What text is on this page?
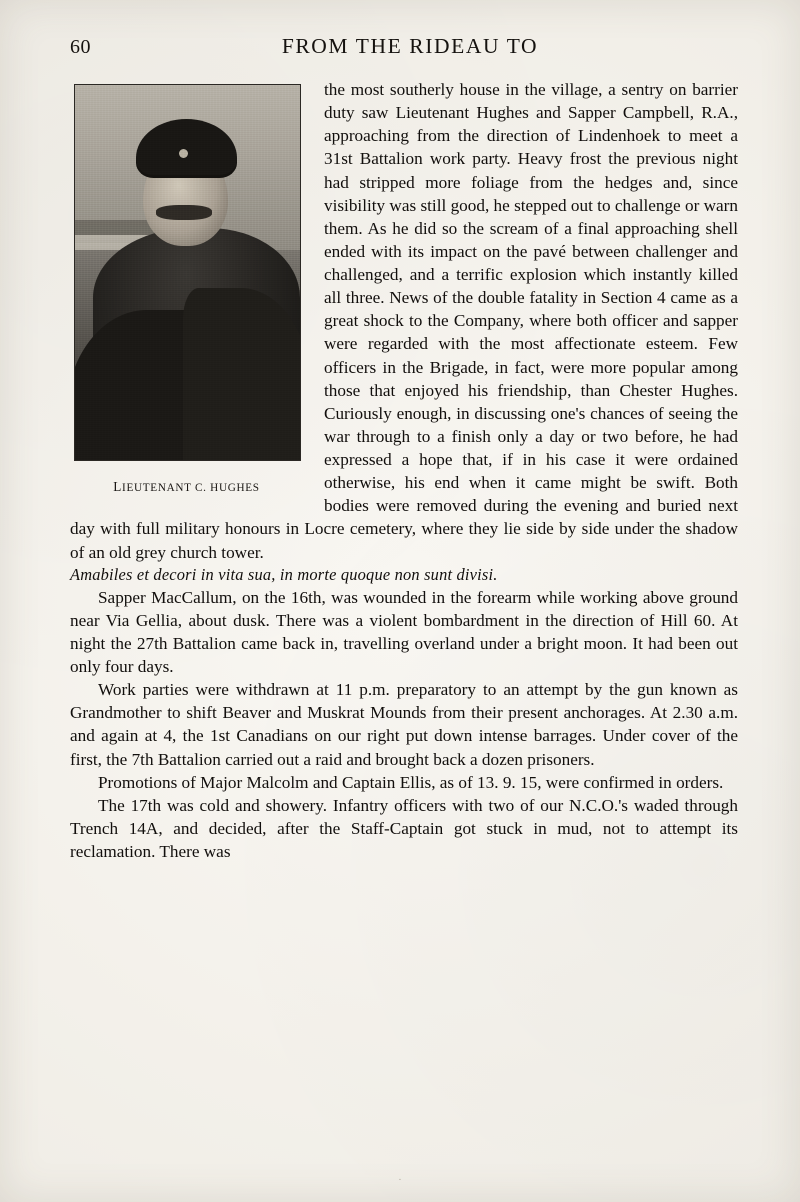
60	FROM THE RIDEAU TO
LIEUTENANT C. HUGHES

the most southerly house in the village, a sentry on barrier duty saw Lieutenant Hughes and Sapper Campbell, R.A., approaching from the direction of Lindenhoek to meet a 31st Battalion work party. Heavy frost the previous night had stripped more foliage from the hedges and, since visibility was still good, he stepped out to challenge or warn them. As he did so the scream of a final approaching shell ended with its impact on the pavé between challenger and challenged, and a terrific explosion which instantly killed all three. News of the double fatality in Section 4 came as a great shock to the Company, where both officer and sapper were regarded with the most affectionate esteem. Few officers in the Brigade, in fact, were more popular among those that enjoyed his friendship, than Chester Hughes. Curiously enough, in discussing one's chances of seeing the war through to a finish only a day or two before, he had expressed a hope that, if in his case it were ordained otherwise, his end when it came might be swift. Both bodies were removed during the evening and buried next day with full military honours in Locre cemetery, where they lie side by side under the shadow of an old grey church tower.

Amabiles et decori in vita sua, in morte quoque non sunt divisi.

Sapper MacCallum, on the 16th, was wounded in the forearm while working above ground near Via Gellia, about dusk. There was a violent bombardment in the direction of Hill 60. At night the 27th Battalion came back in, travelling overland under a bright moon. It had been out only four days.

Work parties were withdrawn at 11 p.m. preparatory to an attempt by the gun known as Grandmother to shift Beaver and Muskrat Mounds from their present anchorages. At 2.30 a.m. and again at 4, the 1st Canadians on our right put down intense barrages. Under cover of the first, the 7th Battalion carried out a raid and brought back a dozen prisoners.

Promotions of Major Malcolm and Captain Ellis, as of 13. 9. 15, were confirmed in orders.

The 17th was cold and showery. Infantry officers with two of our N.C.O.'s waded through Trench 14A, and decided, after the Staff-Captain got stuck in mud, not to attempt its reclamation. There was

·
